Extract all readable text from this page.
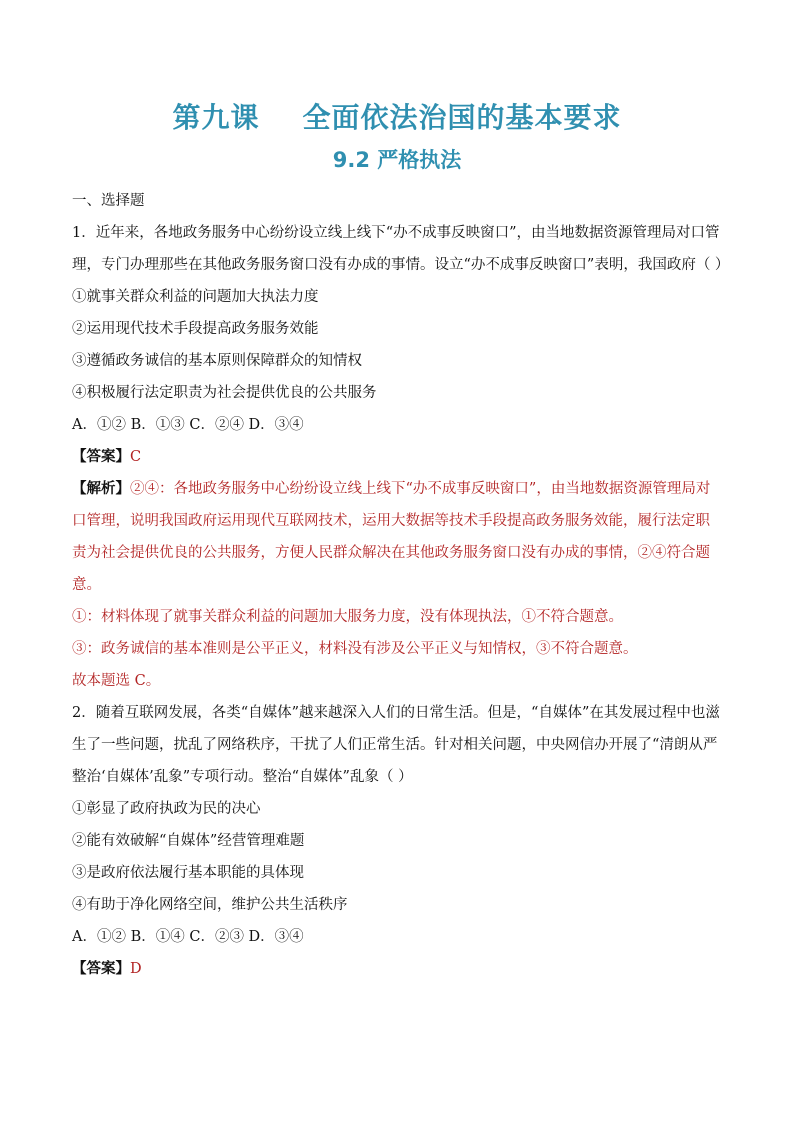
第九课    全面依法治国的基本要求
9.2 严格执法

一、选择题

1．近年来，各地政务服务中心纷纷设立线上线下“办不成事反映窗口”，由当地数据资源管理局对口管理，专门办理那些在其他政务服务窗口没有办成的事情。设立“办不成事反映窗口”表明，我国政府（ ）

①就事关群众利益的问题加大执法力度

②运用现代技术手段提高政务服务效能

③遵循政务诚信的基本原则保障群众的知情权

④积极履行法定职责为社会提供优良的公共服务

A．①② B．①③ C．②④ D．③④

【答案】C

【解析】②④：各地政务服务中心纷纷设立线上线下“办不成事反映窗口”，由当地数据资源管理局对口管理，说明我国政府运用现代互联网技术，运用大数据等技术手段提高政务服务效能，履行法定职责为社会提供优良的公共服务，方便人民群众解决在其他政务服务窗口没有办成的事情，②④符合题意。

①：材料体现了就事关群众利益的问题加大服务力度，没有体现执法，①不符合题意。

③：政务诚信的基本准则是公平正义，材料没有涉及公平正义与知情权，③不符合题意。

故本题选 C。

2．随着互联网发展，各类“自媒体”越来越深入人们的日常生活。但是，“自媒体”在其发展过程中也滋生了一些问题，扰乱了网络秩序，干扰了人们正常生活。针对相关问题，中央网信办开展了“清朗从严整治‘自媒体’乱象”专项行动。整治“自媒体”乱象（ ）

①彰显了政府执政为民的决心

②能有效破解“自媒体”经营管理难题

③是政府依法履行基本职能的具体现

④有助于净化网络空间，维护公共生活秩序

A．①② B．①④ C．②③ D．③④

【答案】D
